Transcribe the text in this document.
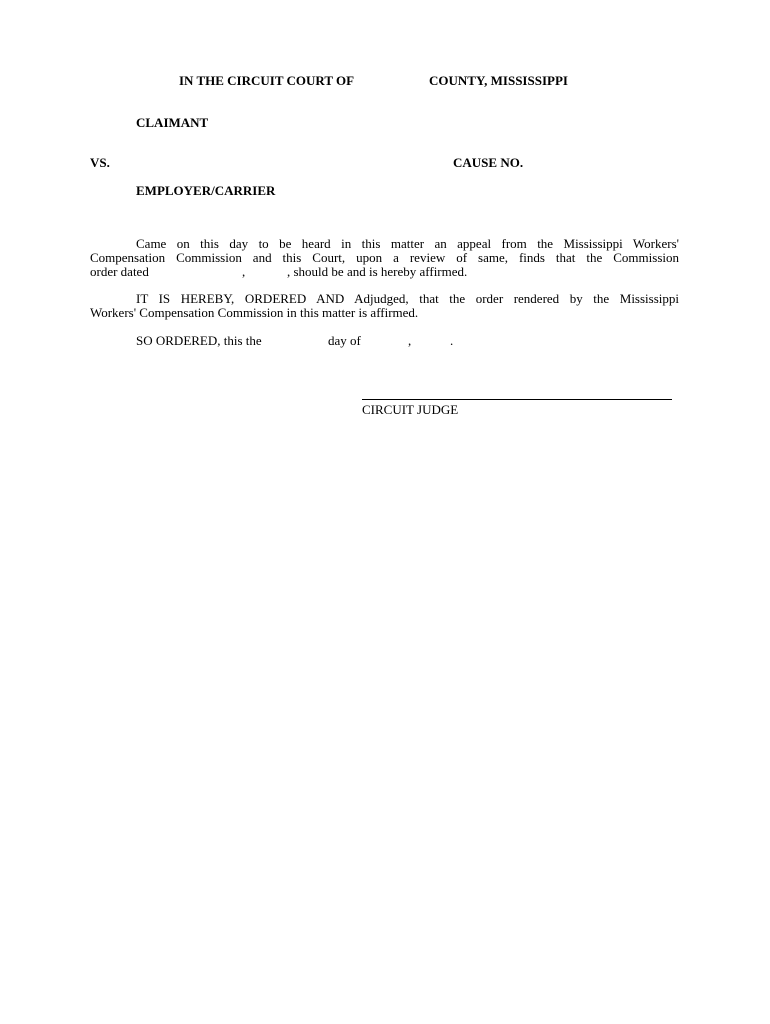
IN THE CIRCUIT COURT OF	COUNTY, MISSISSIPPI
CLAIMANT
VS.	CAUSE NO.
EMPLOYER/CARRIER
Came on this day to be heard in this matter an appeal from the Mississippi Workers'
Compensation Commission and this Court, upon a review of same, finds that the Commission
order dated	,	, should be and is hereby affirmed.
IT IS HEREBY, ORDERED AND Adjudged, that the order rendered by the Mississippi
Workers' Compensation Commission in this matter is affirmed.
SO ORDERED, this the	day of	,	.
CIRCUIT JUDGE
